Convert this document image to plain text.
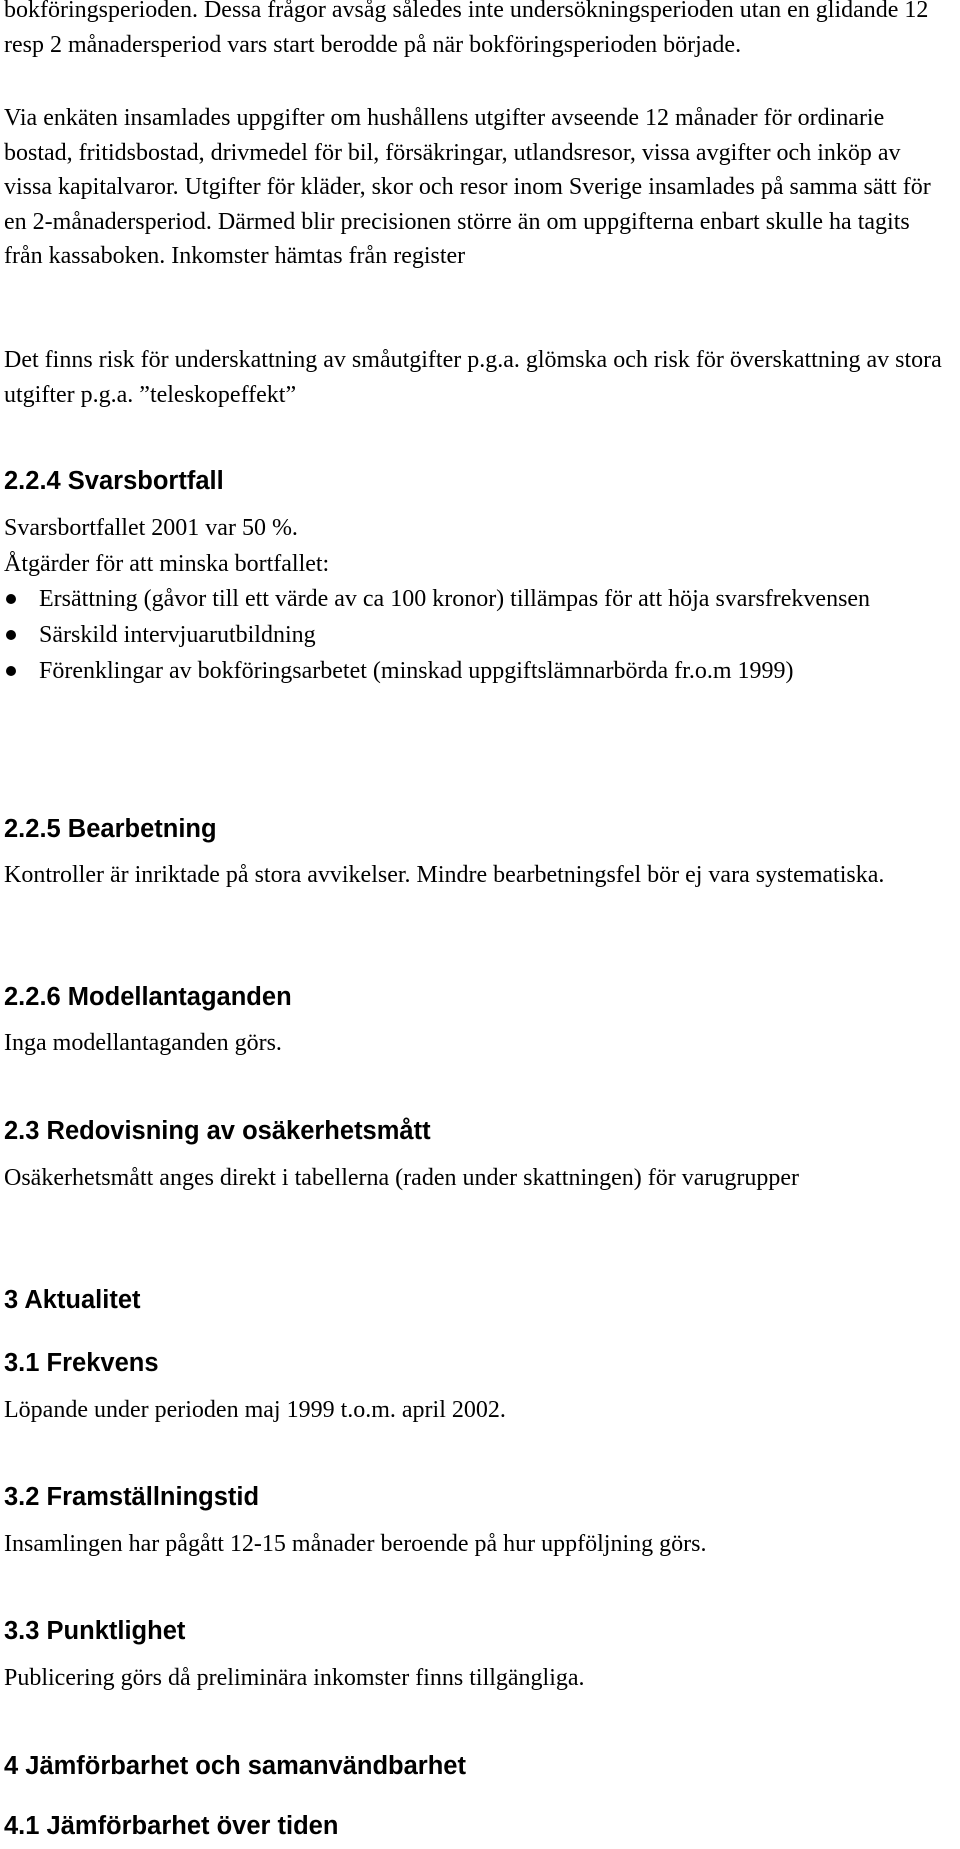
bokföringsperioden. Dessa frågor avsåg således inte undersökningsperioden utan en glidande 12 resp 2 månadersperiod vars start berodde på när bokföringsperioden började.

Via enkäten insamlades uppgifter om hushållens utgifter avseende 12 månader för ordinarie bostad, fritidsbostad, drivmedel för bil, försäkringar, utlandsresor, vissa avgifter och inköp av vissa kapitalvaror. Utgifter för kläder, skor och resor inom Sverige insamlades på samma sätt för en 2-månadersperiod. Därmed blir precisionen större än om uppgifterna enbart skulle ha tagits från kassaboken. Inkomster hämtas från register

Det finns risk för underskattning av småutgifter p.g.a. glömska och risk för överskattning av stora utgifter p.g.a. ”teleskopeffekt”

2.2.4 Svarsbortfall

Svarsbortfallet 2001 var 50 %.

Åtgärder för att minska bortfallet:

Ersättning (gåvor till ett värde av ca 100 kronor) tillämpas för att höja svarsfrekvensen
Särskild intervjuarutbildning
Förenklingar av bokföringsarbetet (minskad uppgiftslämnarbörda fr.o.m 1999)
2.2.5 Bearbetning

Kontroller är inriktade på stora avvikelser. Mindre bearbetningsfel bör ej vara systematiska.

2.2.6 Modellantaganden

Inga modellantaganden görs.

2.3 Redovisning av osäkerhetsmått

Osäkerhetsmått anges direkt i tabellerna (raden under skattningen) för varugrupper

3 Aktualitet
3.1 Frekvens

Löpande under perioden maj 1999 t.o.m. april 2002.

3.2 Framställningstid

Insamlingen har pågått 12-15 månader beroende på hur uppföljning görs.

3.3 Punktlighet

Publicering görs då preliminära inkomster finns tillgängliga.

4 Jämförbarhet och samanvändbarhet
4.1 Jämförbarhet över tiden
